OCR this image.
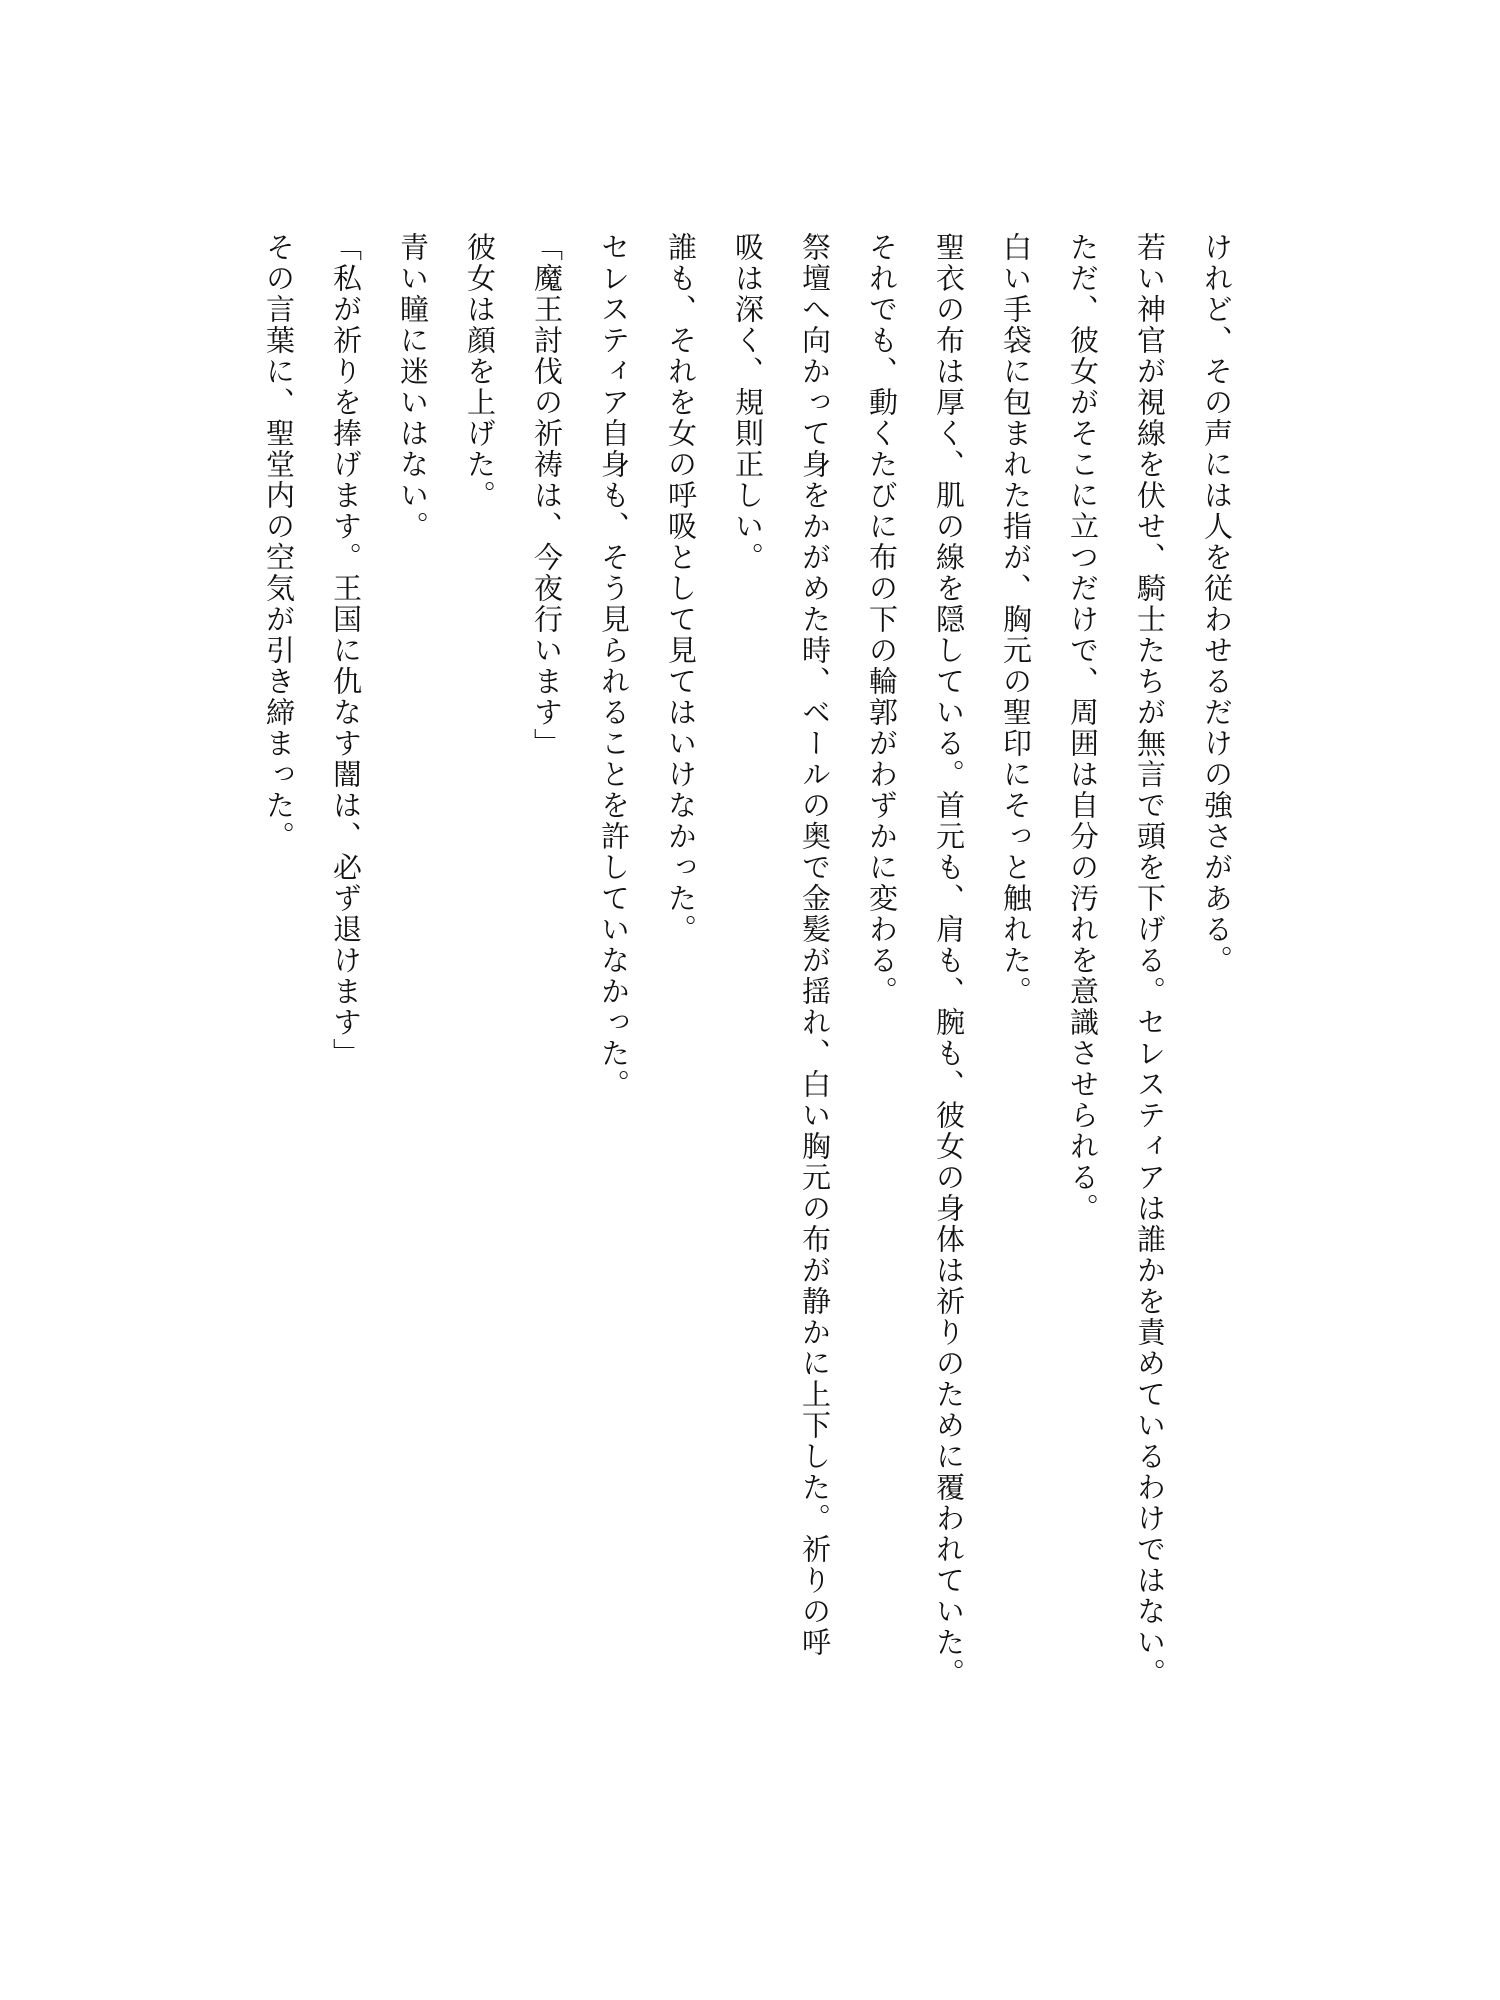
けれど、その声には人を従わせるだけの強さがある。
若い神官が視線を伏せ、騎士たちが無言で頭を下げる。セレスティアは誰かを責めているわけではない。
ただ、彼女がそこに立つだけで、周囲は自分の汚れを意識させられる。
白い手袋に包まれた指が、胸元の聖印にそっと触れた。
聖衣の布は厚く、肌の線を隠している。首元も、肩も、腕も、彼女の身体は祈りのために覆われていた。
それでも、動くたびに布の下の輪郭がわずかに変わる。
祭壇へ向かって身をかがめた時、ベールの奥で金髪が揺れ、白い胸元の布が静かに上下した。祈りの呼
吸は深く、規則正しい。
誰も、それを女の呼吸として見てはいけなかった。
セレスティア自身も、そう見られることを許していなかった。
「魔王討伐の祈祷は、今夜行います」
彼女は顔を上げた。
青い瞳に迷いはない。
「私が祈りを捧げます。王国に仇なす闇は、必ず退けます」
その言葉に、聖堂内の空気が引き締まった。
